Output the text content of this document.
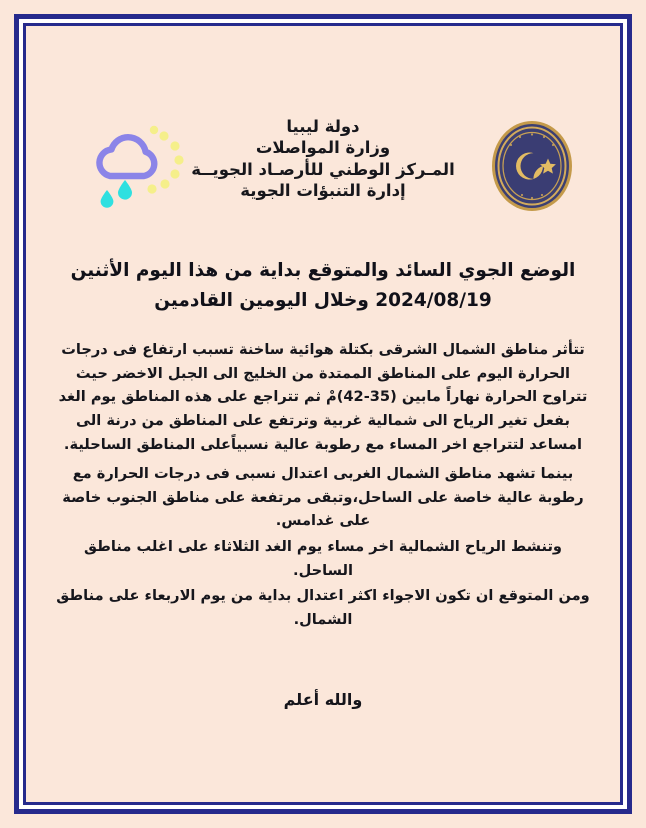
دولة ليبيا
وزارة المواصلات
المـركز الوطني للأرصـاد الجويــة
إدارة التنبؤات الجوية
الوضع الجوي السائد والمتوقع بداية من هذا اليوم الأثنين
2024/08/19 وخلال اليومين القادمين

تتأثر مناطق الشمال الشرقى بكتلة هوائية ساخنة تسبب ارتفاع فى درجات الحرارة اليوم على المناطق الممتدة من الخليج الى الجبل الاخضر حيث تتراوح الحرارة نهاراً مابين (35-42)مْ ثم تتراجع على هذه المناطق يوم الغد بفعل تغير الرياح الى شمالية غربية وترتفع على المناطق من درنة الى امساعد لتتراجع اخر المساء مع رطوبة عالية نسبياًعلى المناطق الساحلية.

بينما تشهد مناطق الشمال الغربى اعتدال نسبى فى درجات الحرارة مع رطوبة عالية خاصة على الساحل،وتبقى مرتفعة على مناطق الجنوب خاصة على غدامس.

وتنشط الرياح الشمالية اخر مساء يوم الغد الثلاثاء على اغلب مناطق الساحل.

ومن المتوقع ان تكون الاجواء اكثر اعتدال بداية من يوم الاربعاء على مناطق الشمال.

والله أعلم
